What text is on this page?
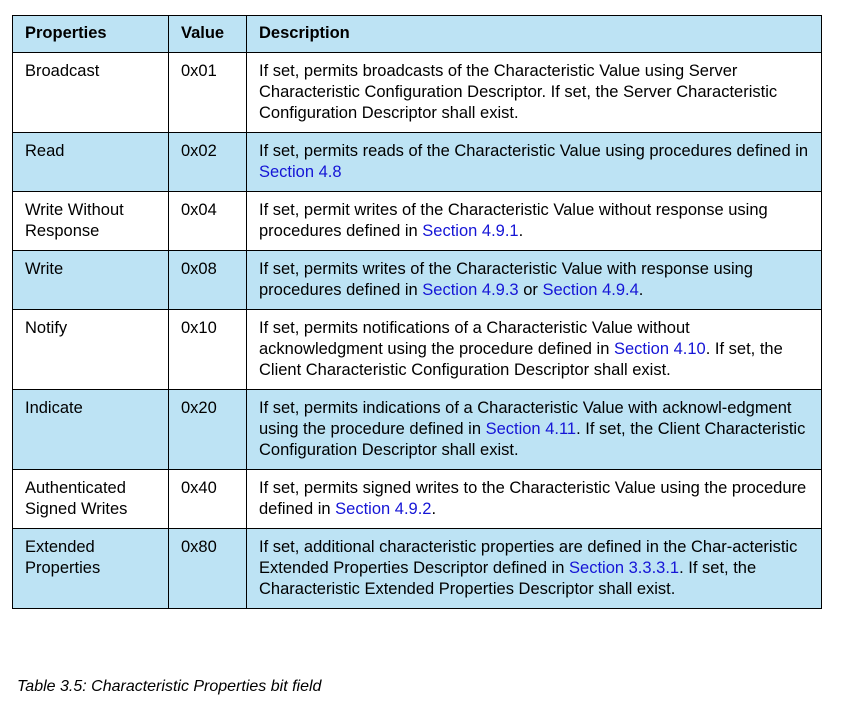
Properties	Value	Description
Broadcast	0x01	If set, permits broadcasts of the Characteristic Value using Server Characteristic Configuration Descriptor. If set, the Server Characteristic Configuration Descriptor shall exist.
Read	0x02	If set, permits reads of the Characteristic Value using procedures defined in Section 4.8
Write Without Response	0x04	If set, permit writes of the Characteristic Value without response using procedures defined in Section 4.9.1.
Write	0x08	If set, permits writes of the Characteristic Value with response using procedures defined in Section 4.9.3 or Section 4.9.4.
Notify	0x10	If set, permits notifications of a Characteristic Value without acknowledgment using the procedure defined in Section 4.10. If set, the Client Characteristic Configuration Descriptor shall exist.
Indicate	0x20	If set, permits indications of a Characteristic Value with acknowl-edgment using the procedure defined in Section 4.11. If set, the Client Characteristic Configuration Descriptor shall exist.
Authenticated Signed Writes	0x40	If set, permits signed writes to the Characteristic Value using the procedure defined in Section 4.9.2.
Extended Properties	0x80	If set, additional characteristic properties are defined in the Char-acteristic Extended Properties Descriptor defined in Section 3.3.3.1. If set, the Characteristic Extended Properties Descriptor shall exist.
Table 3.5: Characteristic Properties bit field
